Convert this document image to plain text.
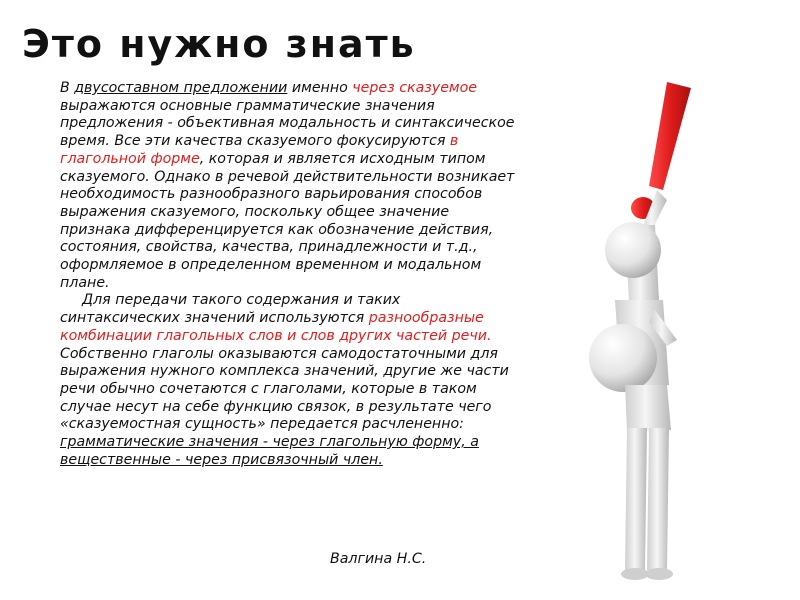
Это нужно знать

В двусоставном предложении именно через сказуемое выражаются основные грамматические значения предложения - объективная модальность и синтаксическое время. Все эти качества сказуемого фокусируются в глагольной форме, которая и является исходным типом сказуемого. Однако в речевой действительности возникает необходимость разнообразного варьирования способов выражения сказуемого, поскольку общее значение признака дифференцируется как обозначение действия, состояния, свойства, качества, принадлежности и т.д., оформляемое в определенном временном и модальном плане.

Для передачи такого содержания и таких синтаксических значений используются разнообразные комбинации глагольных слов и слов других частей речи. Собственно глаголы оказываются самодостаточными для выражения нужного комплекса значений, другие же части речи обычно сочетаются с глаголами, которые в таком случае несут на себе функцию связок, в результате чего «сказуемостная сущность» передается расчлененно: грамматические значения - через глагольную форму, а вещественные - через присвязочный член.

Валгина Н.С.
